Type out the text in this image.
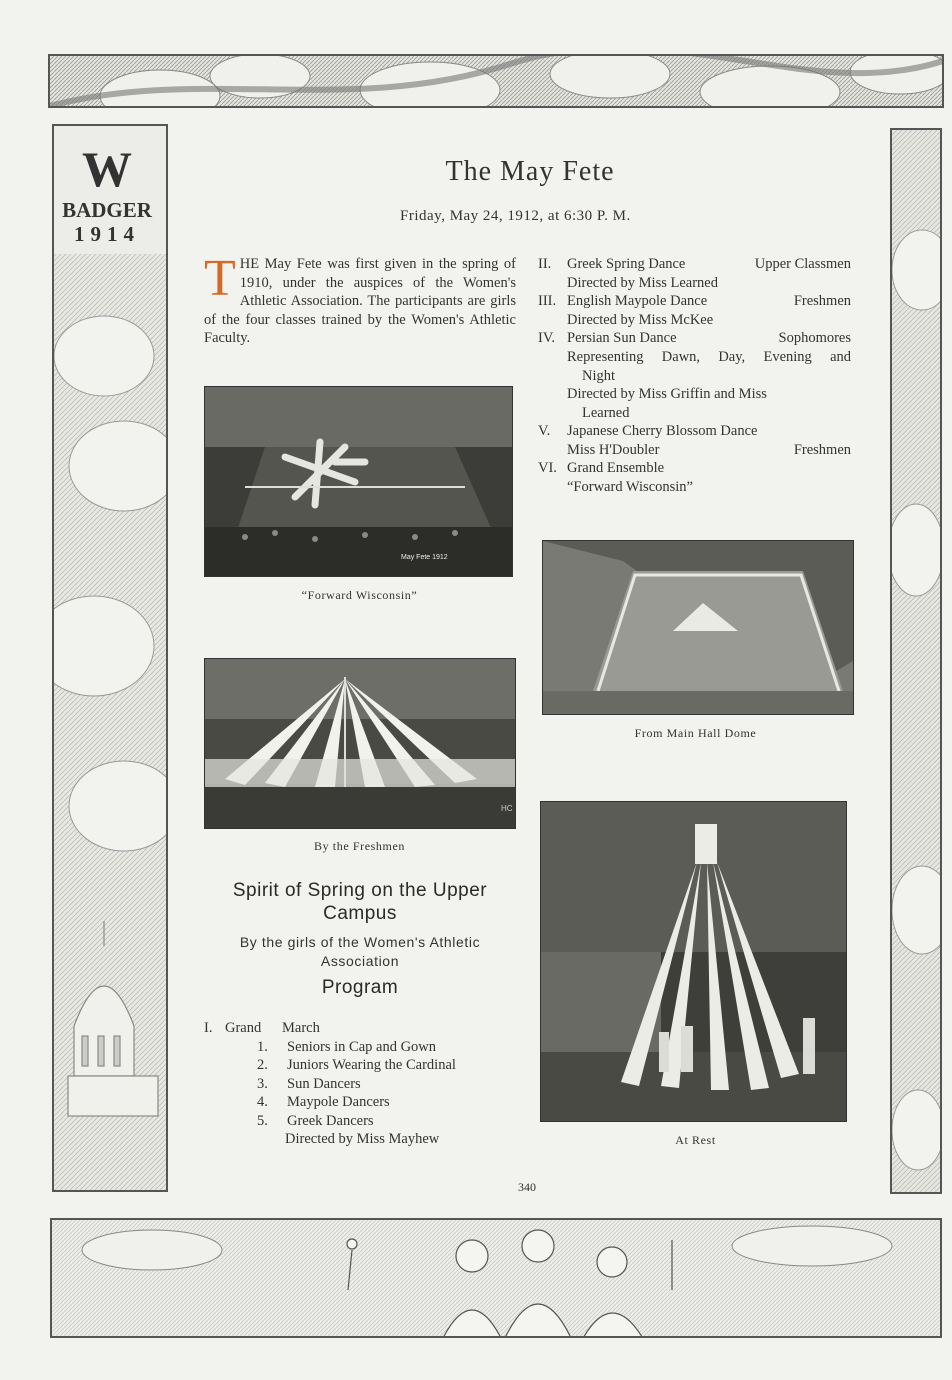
W
BADGER
1914
The May Fete
Friday, May 24, 1912, at 6:30 P. M.
THE May Fete was first given in the spring of 1910, under the auspices of the Women's Athletic Association. The participants are girls of the four classes trained by the Women's Athletic Faculty.
II. Greek Spring Dance	Upper Classmen
Directed by Miss Learned
III. English Maypole Dance	Freshmen
Directed by Miss McKee
IV. Persian Sun Dance	Sophomores
Representing Dawn, Day, Evening and
Night
Directed by Miss Griffin and Miss
Learned
V. Japanese Cherry Blossom Dance
Miss H'Doubler	Freshmen
VI. Grand Ensemble
“Forward Wisconsin”
May Fete 1912
“Forward Wisconsin”
From Main Hall Dome
HC
By the Freshmen
At Rest
Spirit of Spring on the Upper Campus
By the girls of the Women's Athletic Association
Program
I. Grand March
1. Seniors in Cap and Gown
2. Juniors Wearing the Cardinal
3. Sun Dancers
4. Maypole Dancers
5. Greek Dancers
Directed by Miss Mayhew
340
